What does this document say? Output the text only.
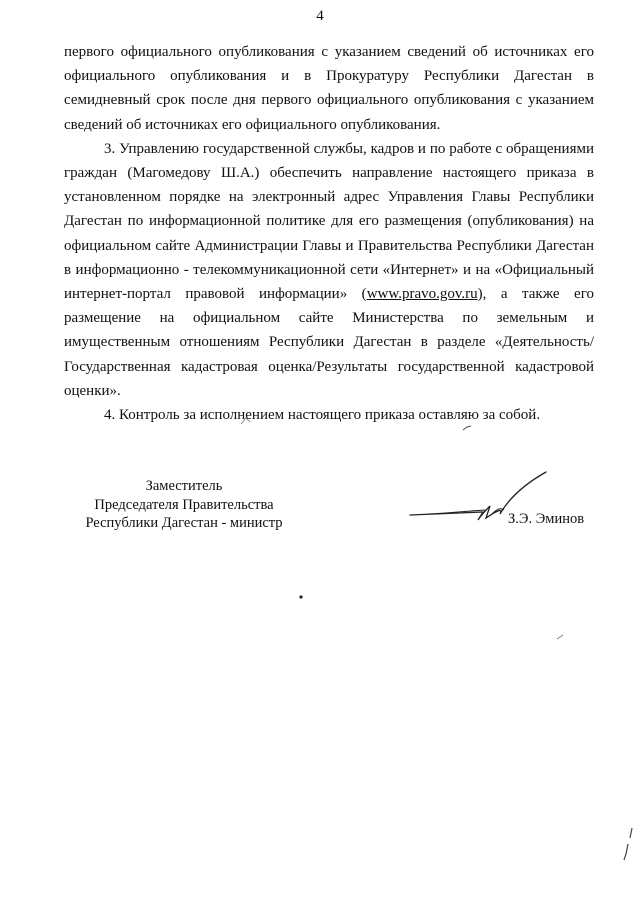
4

первого официального опубликования с указанием сведений об источниках его официального опубликования и в Прокуратуру Республики Дагестан в семидневный срок после дня первого официального опубликования с указанием сведений об источниках его официального опубликования.

3. Управлению государственной службы, кадров и по работе с обращениями граждан (Магомедову Ш.А.) обеспечить направление настоящего приказа в установленном порядке на электронный адрес Управления Главы Республики Дагестан по информационной политике для его размещения (опубликования) на официальном сайте Администрации Главы и Правительства Республики Дагестан в информационно - телекоммуникационной сети «Интернет» и на «Официальный интернет-портал правовой информации» (www.pravo.gov.ru), а также его размещение на официальном сайте Министерства по земельным и имущественным отношениям Республики Дагестан в разделе «Деятельность/Государственная кадастровая оценка/Результаты государственной кадастровой оценки».

4. Контроль за исполнением настоящего приказа оставляю за собой.

Заместитель
Председателя Правительства
Республики Дагестан - министр	З.Э. Эминов
